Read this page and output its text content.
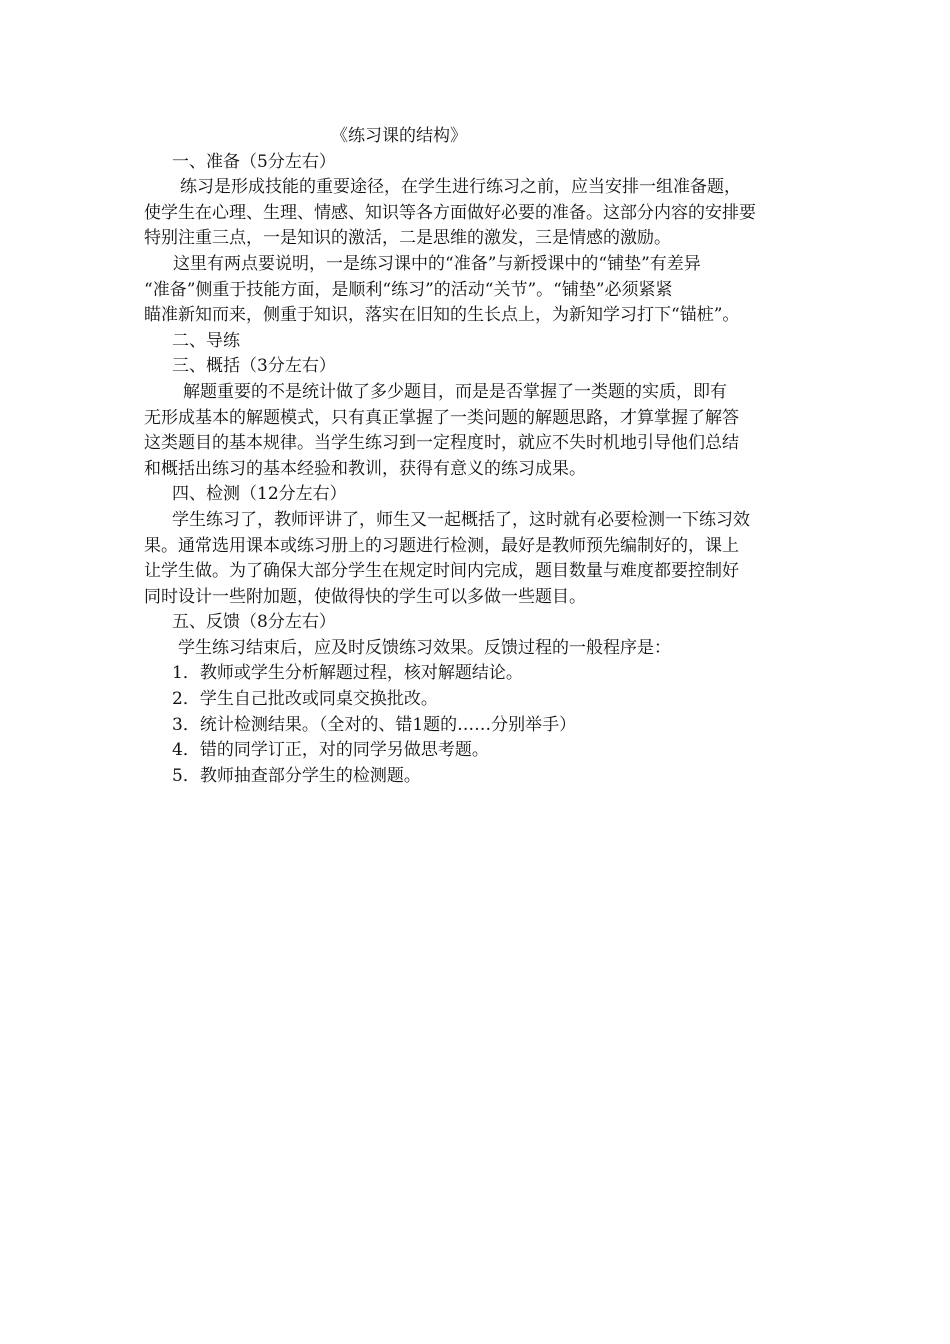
《练习课的结构》
一、准备（5分左右）
练习是形成技能的重要途径，在学生进行练习之前，应当安排一组准备题，
使学生在心理、生理、情感、知识等各方面做好必要的准备。这部分内容的安排要
特别注重三点，一是知识的激活，二是思维的激发，三是情感的激励。
这里有两点要说明，一是练习课中的“准备”与新授课中的“铺垫”有差异
“准备”侧重于技能方面，是顺利“练习”的活动“关节”。“铺垫”必须紧紧
瞄准新知而来，侧重于知识，落实在旧知的生长点上，为新知学习打下“锚桩”。
二、导练
三、概括（3分左右）
解题重要的不是统计做了多少题目，而是是否掌握了一类题的实质，即有
无形成基本的解题模式，只有真正掌握了一类问题的解题思路，才算掌握了解答
这类题目的基本规律。当学生练习到一定程度时，就应不失时机地引导他们总结
和概括出练习的基本经验和教训，获得有意义的练习成果。
四、检测（12分左右）
学生练习了，教师评讲了，师生又一起概括了，这时就有必要检测一下练习效
果。通常选用课本或练习册上的习题进行检测，最好是教师预先编制好的，课上
让学生做。为了确保大部分学生在规定时间内完成，题目数量与难度都要控制好
同时设计一些附加题，使做得快的学生可以多做一些题目。
五、反馈（8分左右）
学生练习结束后，应及时反馈练习效果。反馈过程的一般程序是：
1．教师或学生分析解题过程，核对解题结论。
2．学生自己批改或同桌交换批改。
3．统计检测结果。（全对的、错1题的……分别举手）
4．错的同学订正，对的同学另做思考题。
5．教师抽查部分学生的检测题。
